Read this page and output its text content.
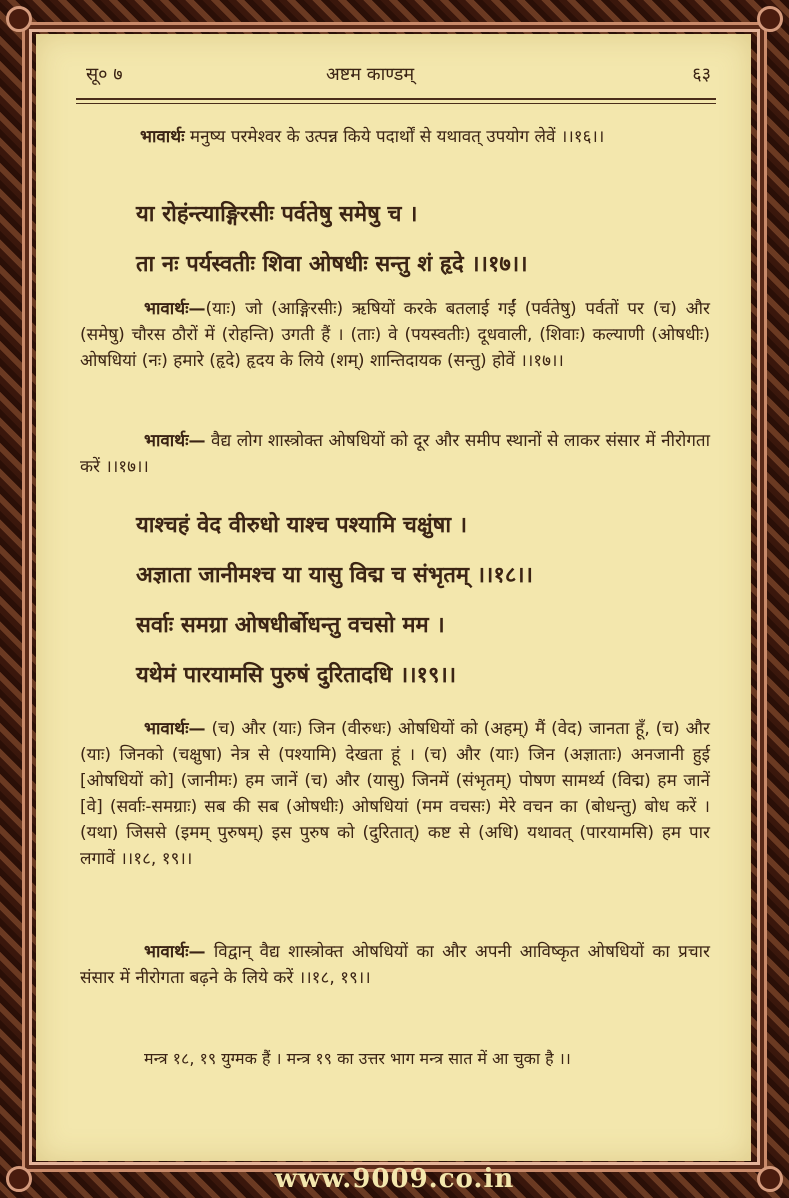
सू० ७	अष्टम काण्डम्	६३
भावार्थः मनुष्य परमेश्वर के उत्पन्न किये पदार्थों से यथावत् उपयोग लेवें ।।१६।।
या रोहंन्त्याङ्गिरसीः पर्वतेषु समेषु च ।
ता नः पर्यस्वतीः शिवा ओषधीः सन्तु शं हृदे ।।१७।।
भावार्थः—(याः) जो (आङ्गिरसीः) ऋषियों करके बतलाई गईं (पर्वतेषु) पर्वतों पर (च) और (समेषु) चौरस ठौरों में (रोहन्ति) उगती हैं । (ताः) वे (पयस्वतीः) दूधवाली, (शिवाः) कल्याणी (ओषधीः) ओषधियां (नः) हमारे (हृदे) हृदय के लिये (शम्) शान्तिदायक (सन्तु) होवें ।।१७।।
भावार्थः— वैद्य लोग शास्त्रोक्त ओषधियों को दूर और समीप स्थानों से लाकर संसार में नीरोगता करें ।।१७।।
याश्चहं वेद वीरुधो याश्च पश्यामि चक्षुंषा ।
अज्ञाता जानीमश्च या यासु विद्म च संभृतम् ।।१८।।
सर्वाः समग्रा ओषधीर्बोधन्तु वचसो मम ।
यथेमं पारयामसि पुरुषं दुरितादधि ।।१९।।
भावार्थः— (च) और (याः) जिन (वीरुधः) ओषधियों को (अहम्) मैं (वेद) जानता हूँ, (च) और (याः) जिनको (चक्षुषा) नेत्र से (पश्यामि) देखता हूं । (च) और (याः) जिन (अज्ञाताः) अनजानी हुई [ओषधियों को] (जानीमः) हम जानें (च) और (यासु) जिनमें (संभृतम्) पोषण सामर्थ्य (विद्म) हम जानें [वे] (सर्वाः-समग्राः) सब की सब (ओषधीः) ओषधियां (मम वचसः) मेरे वचन का (बोधन्तु) बोध करें । (यथा) जिससे (इमम् पुरुषम्) इस पुरुष को (दुरितात्) कष्ट से (अधि) यथावत् (पारयामसि) हम पार लगावें ।।१८, १९।।
भावार्थः— विद्वान् वैद्य शास्त्रोक्त ओषधियों का और अपनी आविष्कृत ओषधियों का प्रचार संसार में नीरोगता बढ़ने के लिये करें ।।१८, १९।।
मन्त्र १८, १९ युग्मक हैं । मन्त्र १९ का उत्तर भाग मन्त्र सात में आ चुका है ।।
www.9009.co.in
